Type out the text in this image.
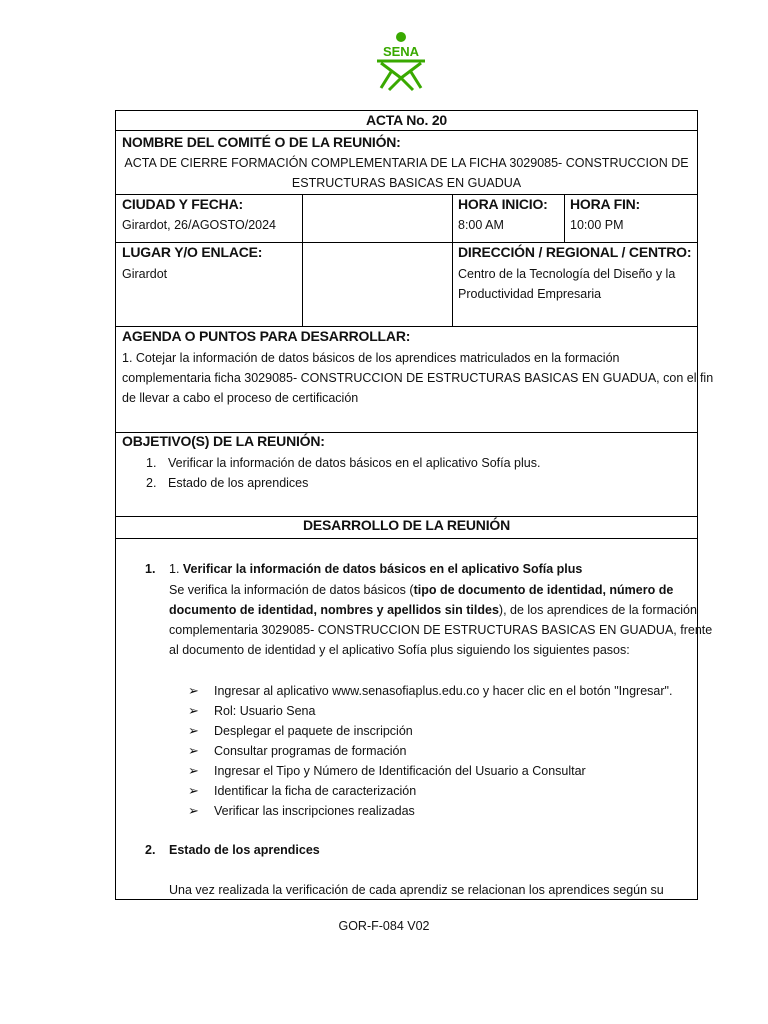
SENA
ACTA No. 20
NOMBRE DEL COMITÉ O DE LA REUNIÓN:
ACTA DE CIERRE FORMACIÓN COMPLEMENTARIA DE LA FICHA 3029085- CONSTRUCCION DE
ESTRUCTURAS BASICAS EN GUADUA
CIUDAD Y FECHA:
Girardot, 26/AGOSTO/2024
HORA INICIO:
8:00 AM
HORA FIN:
10:00 PM
LUGAR Y/O ENLACE:
Girardot
DIRECCIÓN / REGIONAL / CENTRO:
Centro de la Tecnología del Diseño y la
Productividad Empresaria
AGENDA O PUNTOS PARA DESARROLLAR:
1. Cotejar la información de datos básicos de los aprendices matriculados en la formación
complementaria ficha 3029085- CONSTRUCCION DE ESTRUCTURAS BASICAS EN GUADUA, con el fin
de llevar a cabo el proceso de certificación
OBJETIVO(S) DE LA REUNIÓN:
1. Verificar la información de datos básicos en el aplicativo Sofía plus.
2. Estado de los aprendices
DESARROLLO DE LA REUNIÓN
1. 1. Verificar la información de datos básicos en el aplicativo Sofía plus
Se verifica la información de datos básicos (tipo de documento de identidad, número de
documento de identidad, nombres y apellidos sin tildes), de los aprendices de la formación
complementaria 3029085- CONSTRUCCION DE ESTRUCTURAS BASICAS EN GUADUA, frente
al documento de identidad y el aplicativo Sofía plus siguiendo los siguientes pasos:
➢ Ingresar al aplicativo www.senasofiaplus.edu.co y hacer clic en el botón "Ingresar".
➢ Rol: Usuario Sena
➢ Desplegar el paquete de inscripción
➢ Consultar programas de formación
➢ Ingresar el Tipo y Número de Identificación del Usuario a Consultar
➢ Identificar la ficha de caracterización
➢ Verificar las inscripciones realizadas
2. Estado de los aprendices
Una vez realizada la verificación de cada aprendiz se relacionan los aprendices según su
GOR-F-084 V02
